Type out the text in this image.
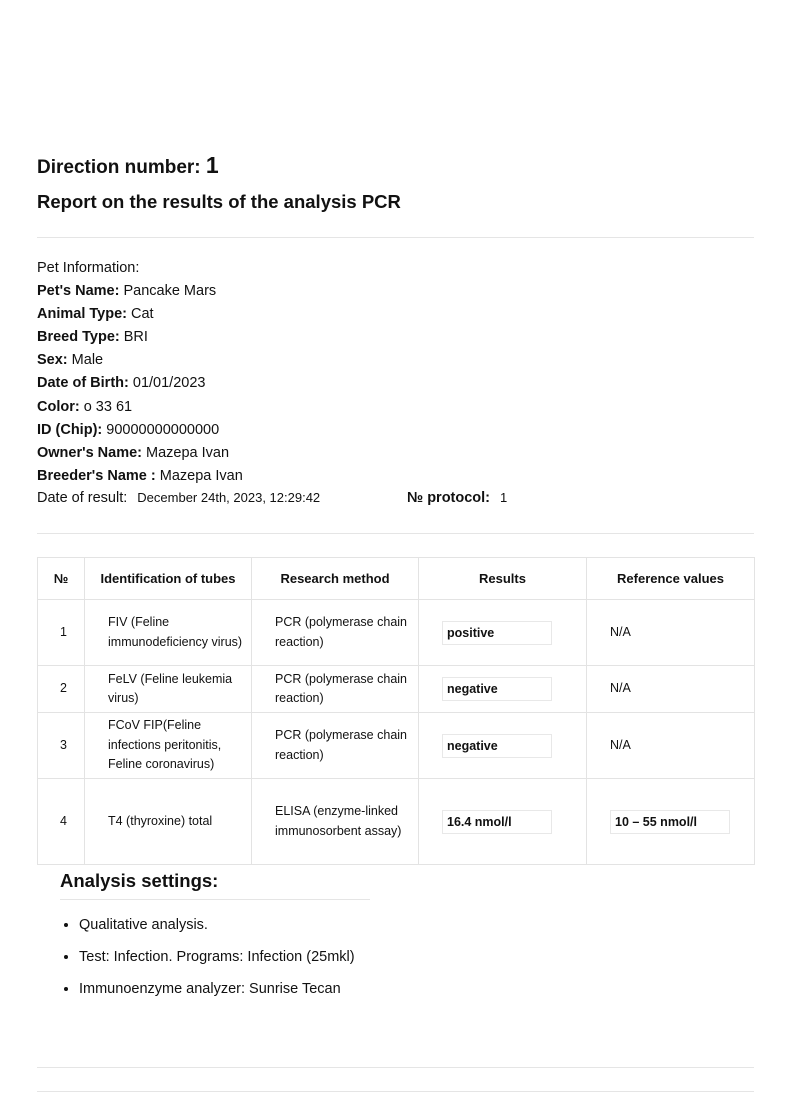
Direction number: 1
Report on the results of the analysis PCR
Pet Information:
Pet's Name: Pancake Mars
Animal Type: Cat
Breed Type: BRI
Sex: Male
Date of Birth: 01/01/2023
Color: o 33 61
ID (Chip): 90000000000000
Owner's Name: Mazepa Ivan
Breeder's Name : Mazepa Ivan
Date of result: December 24th, 2023, 12:29:42	№ protocol: 1
№	Identification of tubes	Research method	Results	Reference values
1	FIV (Feline immunodeficiency virus)	PCR (polymerase chain reaction)	positive	N/A
2	FeLV (Feline leukemia virus)	PCR (polymerase chain reaction)	negative	N/A
3	FCoV FIP(Feline infections peritonitis, Feline coronavirus)	PCR (polymerase chain reaction)	negative	N/A
4	T4 (thyroxine) total	ELISA (enzyme-linked immunosorbent assay)	16.4 nmol/l	10 – 55 nmol/l
Analysis settings:
• Qualitative analysis.
• Test: Infection. Programs: Infection (25mkl)
• Immunoenzyme analyzer: Sunrise Tecan
